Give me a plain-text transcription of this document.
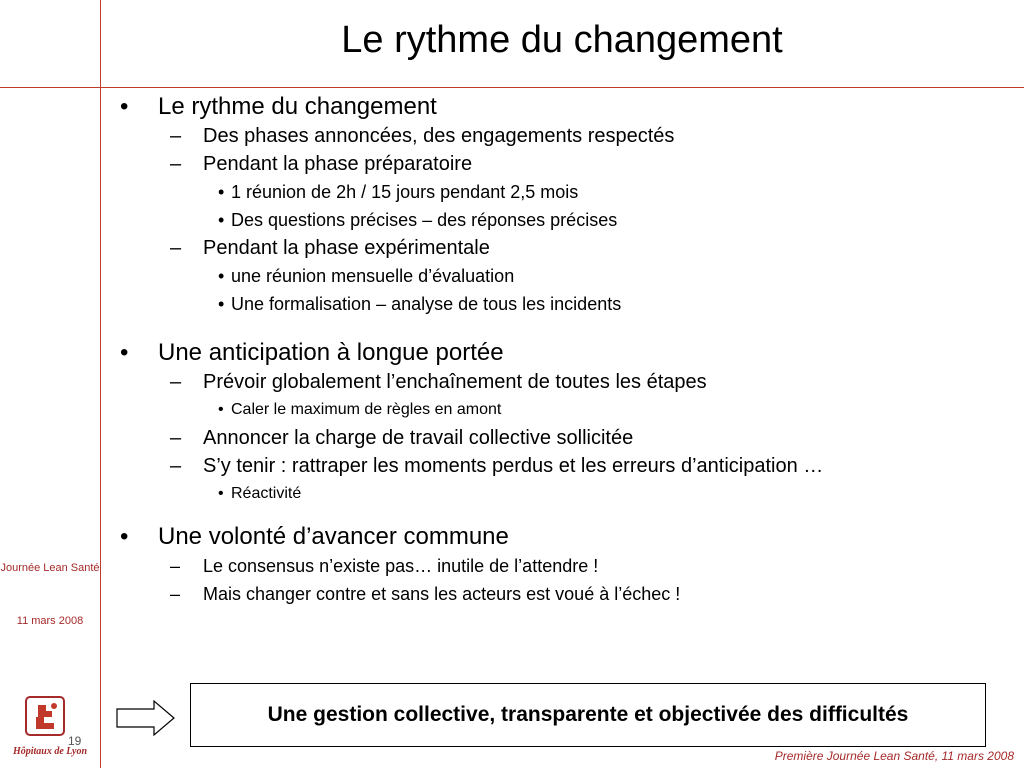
Le rythme du changement
• Le rythme du changement
– Des phases annoncées, des engagements respectés
– Pendant la phase préparatoire
• 1 réunion de 2h / 15 jours pendant 2,5 mois
• Des questions précises – des réponses précises
– Pendant la phase expérimentale
• une réunion mensuelle d’évaluation
• Une formalisation – analyse de tous les incidents
• Une anticipation à longue portée
– Prévoir globalement l’enchaînement de toutes les étapes
• Caler le maximum de règles en amont
– Annoncer la charge de travail collective sollicitée
– S’y tenir : rattraper les moments perdus et les erreurs d’anticipation …
• Réactivité
• Une volonté d’avancer commune
– Le consensus n’existe pas… inutile de l’attendre !
– Mais changer contre et sans les acteurs est voué à l’échec !
Journée Lean Santé
11 mars 2008
19
Hôpitaux de Lyon
Une gestion collective, transparente et objectivée des difficultés
Première Journée Lean Santé, 11 mars 2008
